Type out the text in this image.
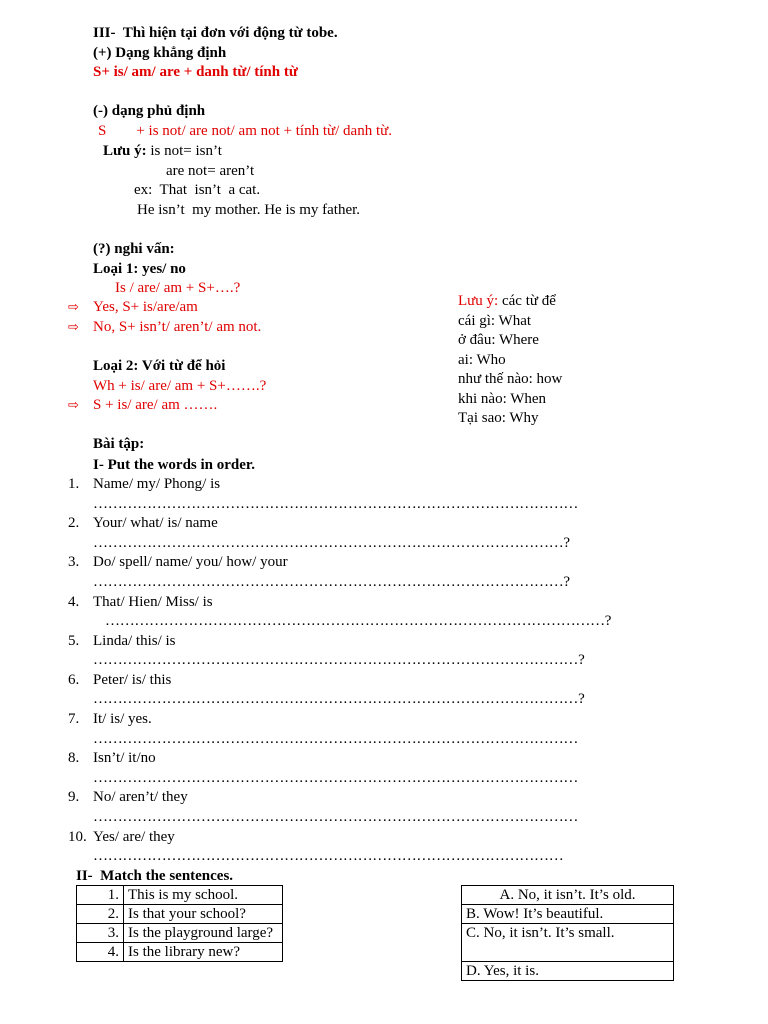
III-  Thì hiện tại đơn với động từ tobe.
(+) Dạng khẳng định
S+ is/ am/ are + danh từ/ tính từ
(-) dạng phủ định
S        + is not/ are not/ am not + tính từ/ danh từ.
Lưu ý: is not= isn’t
are not= aren’t
ex:  That  isn’t  a cat.
He isn’t  my mother. He is my father.
(?) nghi vấn:
Loại 1: yes/ no
Is / are/ am + S+….?
⇨ Yes, S+ is/are/am
⇨ No, S+ isn’t/ aren’t/ am not.
Loại 2: Với từ để hỏi
Wh + is/ are/ am + S+…….?
⇨ S + is/ are/ am …….
Lưu ý: các từ để
cái gì: What
ở đâu: Where
ai: Who
như thế nào: how
khi nào: When
Tại sao: Why
Bài tập:
I- Put the words in order.
1. Name/ my/ Phong/ is
………………………………………………………………………………………
2. Your/ what/ is/ name
……………………………………………………………………………………?
3. Do/ spell/ name/ you/ how/ your
……………………………………………………………………………………?
4. That/ Hien/ Miss/ is
…………………………………………………………………………………………?
5. Linda/ this/ is
………………………………………………………………………………………?
6. Peter/ is/ this
………………………………………………………………………………………?
7. It/ is/ yes.
………………………………………………………………………………………
8. Isn’t/ it/no
………………………………………………………………………………………
9. No/ aren’t/ they
………………………………………………………………………………………
10. Yes/ are/ they
……………………………………………………………………………………
II-  Match the sentences.
1.	This is my school.
2.	Is that your school?
3.	Is the playground large?
4.	Is the library new?
A. No, it isn’t. It’s old.
B. Wow! It’s beautiful.
C. No, it isn’t. It’s small.
D. Yes, it is.
